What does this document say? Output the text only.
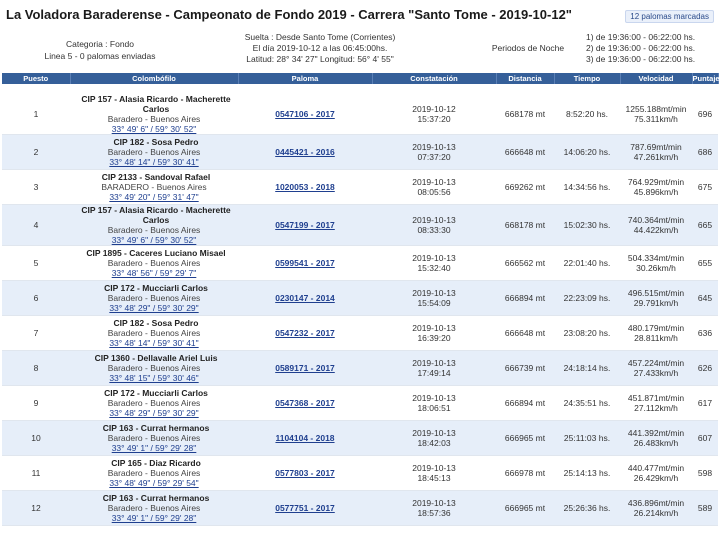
La Voladora Baraderense - Campeonato de Fondo 2019 - Carrera "Santo Tome - 2019-10-12"	12 palomas marcadas
Categoria : Fondo
Linea 5 - 0 palomas enviadas
Suelta : Desde Santo Tome (Corrientes)
El día 2019-10-12 a las 06:45:00hs.
Latitud: 28° 34' 27" Longitud: 56° 4' 55"
Periodos de Noche
1) de 19:36:00 - 06:22:00 hs.
2) de 19:36:00 - 06:22:00 hs.
3) de 19:36:00 - 06:22:00 hs.
Puesto	Colombófilo	Paloma	Constatación	Distancia	Tiempo	Velocidad	Puntaje

1	CIP 157 - Alasia Ricardo - Macherette Carlos
Baradero - Buenos Aires
33° 49' 6" / 59° 30' 52"	0547106 - 2017	2019-10-12
15:37:20	668178 mt	8:52:20 hs.	1255.188mt/min
75.311km/h	696
2	CIP 182 - Sosa Pedro
Baradero - Buenos Aires
33° 48' 14" / 59° 30' 41"	0445421 - 2016	2019-10-13
07:37:20	666648 mt	14:06:20 hs.	787.69mt/min
47.261km/h	686
3	CIP 2133 - Sandoval Rafael
BARADERO - Buenos Aires
33° 49' 20" / 59° 31' 47"	1020053 - 2018	2019-10-13
08:05:56	669262 mt	14:34:56 hs.	764.929mt/min
45.896km/h	675
4	CIP 157 - Alasia Ricardo - Macherette Carlos
Baradero - Buenos Aires
33° 49' 6" / 59° 30' 52"	0547199 - 2017	2019-10-13
08:33:30	668178 mt	15:02:30 hs.	740.364mt/min
44.422km/h	665
5	CIP 1895 - Caceres Luciano Misael
Baradero - Buenos Aires
33° 48' 56" / 59° 29' 7"	0599541 - 2017	2019-10-13
15:32:40	666562 mt	22:01:40 hs.	504.334mt/min
30.26km/h	655
6	CIP 172 - Mucciarli Carlos
Baradero - Buenos Aires
33° 48' 29" / 59° 30' 29"	0230147 - 2014	2019-10-13
15:54:09	666894 mt	22:23:09 hs.	496.515mt/min
29.791km/h	645
7	CIP 182 - Sosa Pedro
Baradero - Buenos Aires
33° 48' 14" / 59° 30' 41"	0547232 - 2017	2019-10-13
16:39:20	666648 mt	23:08:20 hs.	480.179mt/min
28.811km/h	636
8	CIP 1360 - Dellavalle Ariel Luis
Baradero - Buenos Aires
33° 48' 15" / 59° 30' 46"	0589171 - 2017	2019-10-13
17:49:14	666739 mt	24:18:14 hs.	457.224mt/min
27.433km/h	626
9	CIP 172 - Mucciarli Carlos
Baradero - Buenos Aires
33° 48' 29" / 59° 30' 29"	0547368 - 2017	2019-10-13
18:06:51	666894 mt	24:35:51 hs.	451.871mt/min
27.112km/h	617
10	CIP 163 - Currat hermanos
Baradero - Buenos Aires
33° 49' 1" / 59° 29' 28"	1104104 - 2018	2019-10-13
18:42:03	666965 mt	25:11:03 hs.	441.392mt/min
26.483km/h	607
11	CIP 165 - Diaz Ricardo
Baradero - Buenos Aires
33° 48' 49" / 59° 29' 54"	0577803 - 2017	2019-10-13
18:45:13	666978 mt	25:14:13 hs.	440.477mt/min
26.429km/h	598
12	CIP 163 - Currat hermanos
Baradero - Buenos Aires
33° 49' 1" / 59° 29' 28"	0577751 - 2017	2019-10-13
18:57:36	666965 mt	25:26:36 hs.	436.896mt/min
26.214km/h	589
